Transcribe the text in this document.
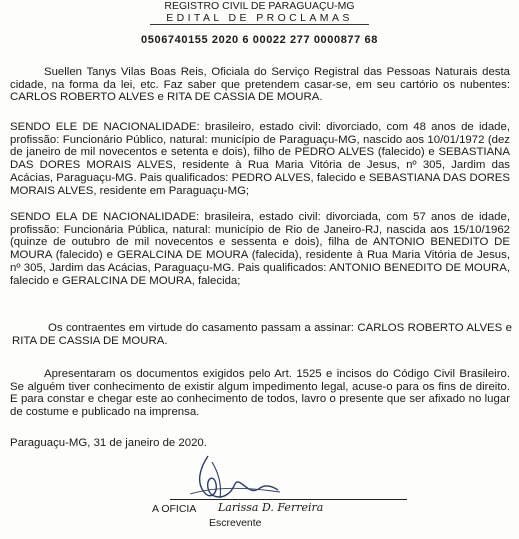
REGISTRO CIVIL DE PARAGUAÇU-MG
EDITAL DE PROCLAMAS
0506740155 2020 6 00022 277 0000877 68
Suellen Tanys Vilas Boas Reis, Oficiala do Serviço Registral das Pessoas Naturais desta cidade, na forma da lei, etc. Faz saber que pretendem casar-se, em seu cartório os nubentes: CARLOS ROBERTO ALVES e RITA DE CASSIA DE MOURA.
SENDO ELE DE NACIONALIDADE: brasileiro, estado civil: divorciado, com 48 anos de idade, profissão: Funcionário Público, natural: município de Paraguaçu-MG, nascido aos 10/01/1972 (dez de janeiro de mil novecentos e setenta e dois), filho de PEDRO ALVES (falecido) e SEBASTIANA DAS DORES MORAIS ALVES, residente à Rua Maria Vitória de Jesus, nº 305, Jardim das Acácias, Paraguaçu-MG. Pais qualificados: PEDRO ALVES, falecido e SEBASTIANA DAS DORES MORAIS ALVES, residente em Paraguaçu-MG;
SENDO ELA DE NACIONALIDADE: brasileira, estado civil: divorciada, com 57 anos de idade, profissão: Funcionária Pública, natural: município de Rio de Janeiro-RJ, nascida aos 15/10/1962 (quinze de outubro de mil novecentos e sessenta e dois), filha de ANTONIO BENEDITO DE MOURA (falecido) e GERALCINA DE MOURA (falecida), residente à Rua Maria Vitória de Jesus, nº 305, Jardim das Acácias, Paraguaçu-MG. Pais qualificados: ANTONIO BENEDITO DE MOURA, falecido e GERALCINA DE MOURA, falecida;
Os contraentes em virtude do casamento passam a assinar: CARLOS ROBERTO ALVES e RITA DE CASSIA DE MOURA.
Apresentaram os documentos exigidos pelo Art. 1525 e incisos do Código Civil Brasileiro. Se alguém tiver conhecimento de existir algum impedimento legal, acuse-o para os fins de direito. E para constar e chegar este ao conhecimento de todos, lavro o presente que ser afixado no lugar de costume e publicado na imprensa.
Paraguaçu-MG, 31 de janeiro de 2020.
A OFICIA Larissa D. Ferreira
Escrevente
